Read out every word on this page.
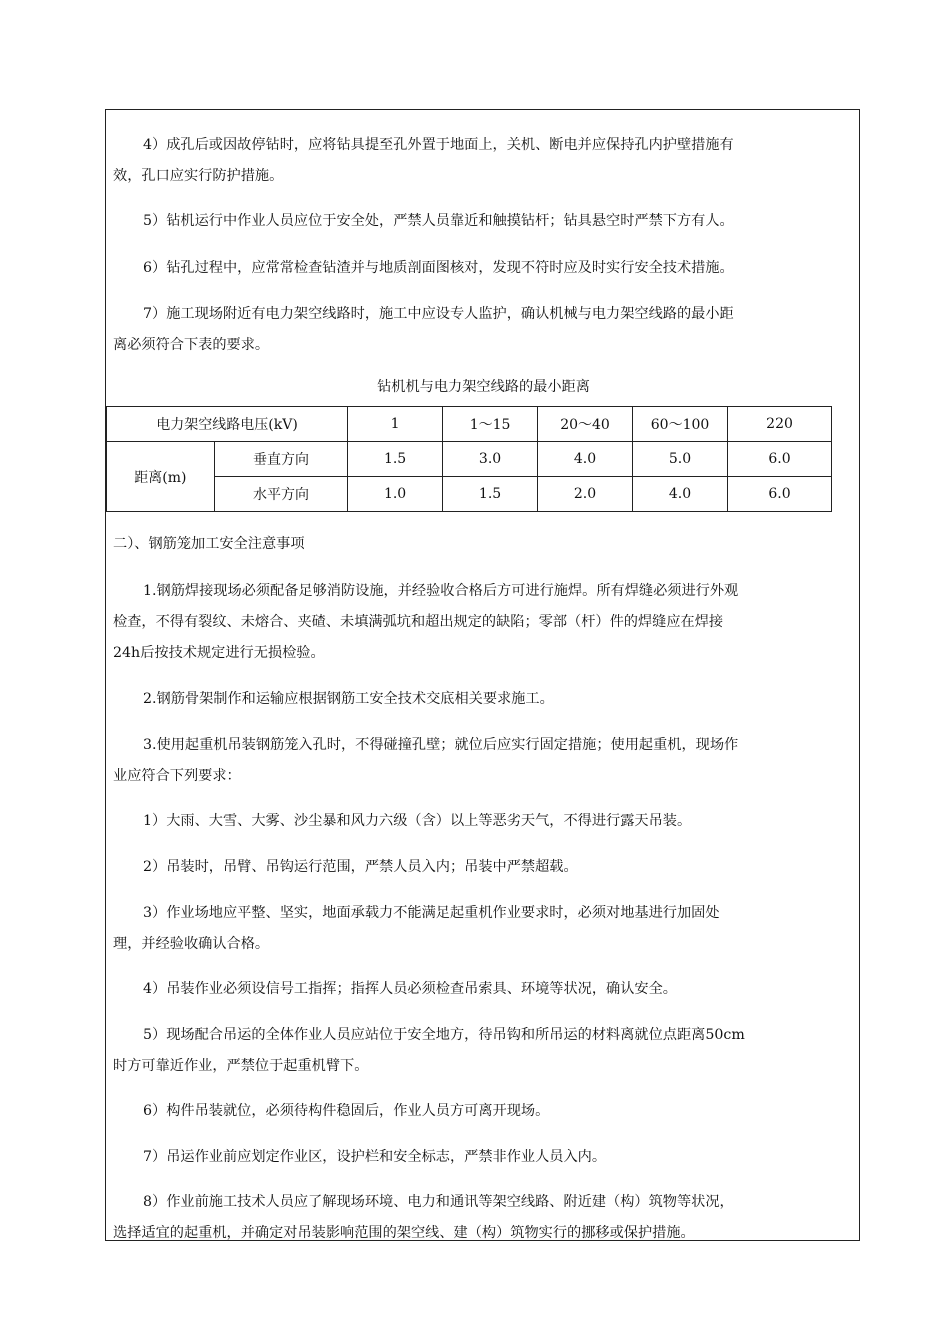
4）成孔后或因故停钻时，应将钻具提至孔外置于地面上，关机、断电并应保持孔内护壁措施有
效，孔口应实行防护措施。
5）钻机运行中作业人员应位于安全处，严禁人员靠近和触摸钻杆；钻具悬空时严禁下方有人。
6）钻孔过程中，应常常检查钻渣并与地质剖面图核对，发现不符时应及时实行安全技术措施。
7）施工现场附近有电力架空线路时，施工中应设专人监护，确认机械与电力架空线路的最小距
离必须符合下表的要求。
钻机机与电力架空线路的最小距离
电力架空线路电压(kV)		1	1～15	20～40	60～100	220
距离(m)	垂直方向	1.5	3.0	4.0	5.0	6.0
	水平方向	1.0	1.5	2.0	4.0	6.0
二）、钢筋笼加工安全注意事项
1.钢筋焊接现场必须配备足够消防设施，并经验收合格后方可进行施焊。所有焊缝必须进行外观
检查，不得有裂纹、未熔合、夹碴、未填满弧坑和超出规定的缺陷；零部（杆）件的焊缝应在焊接
24h后按技术规定进行无损检验。
2.钢筋骨架制作和运输应根据钢筋工安全技术交底相关要求施工。
3.使用起重机吊装钢筋笼入孔时，不得碰撞孔壁；就位后应实行固定措施；使用起重机，现场作
业应符合下列要求：
1）大雨、大雪、大雾、沙尘暴和风力六级（含）以上等恶劣天气，不得进行露天吊装。
2）吊装时，吊臂、吊钩运行范围，严禁人员入内；吊装中严禁超载。
3）作业场地应平整、坚实，地面承载力不能满足起重机作业要求时，必须对地基进行加固处
理，并经验收确认合格。
4）吊装作业必须设信号工指挥；指挥人员必须检查吊索具、环境等状况，确认安全。
5）现场配合吊运的全体作业人员应站位于安全地方，待吊钩和所吊运的材料离就位点距离50cm
时方可靠近作业，严禁位于起重机臂下。
6）构件吊装就位，必须待构件稳固后，作业人员方可离开现场。
7）吊运作业前应划定作业区，设护栏和安全标志，严禁非作业人员入内。
8）作业前施工技术人员应了解现场环境、电力和通讯等架空线路、附近建（构）筑物等状况，
选择适宜的起重机，并确定对吊装影响范围的架空线、建（构）筑物实行的挪移或保护措施。
